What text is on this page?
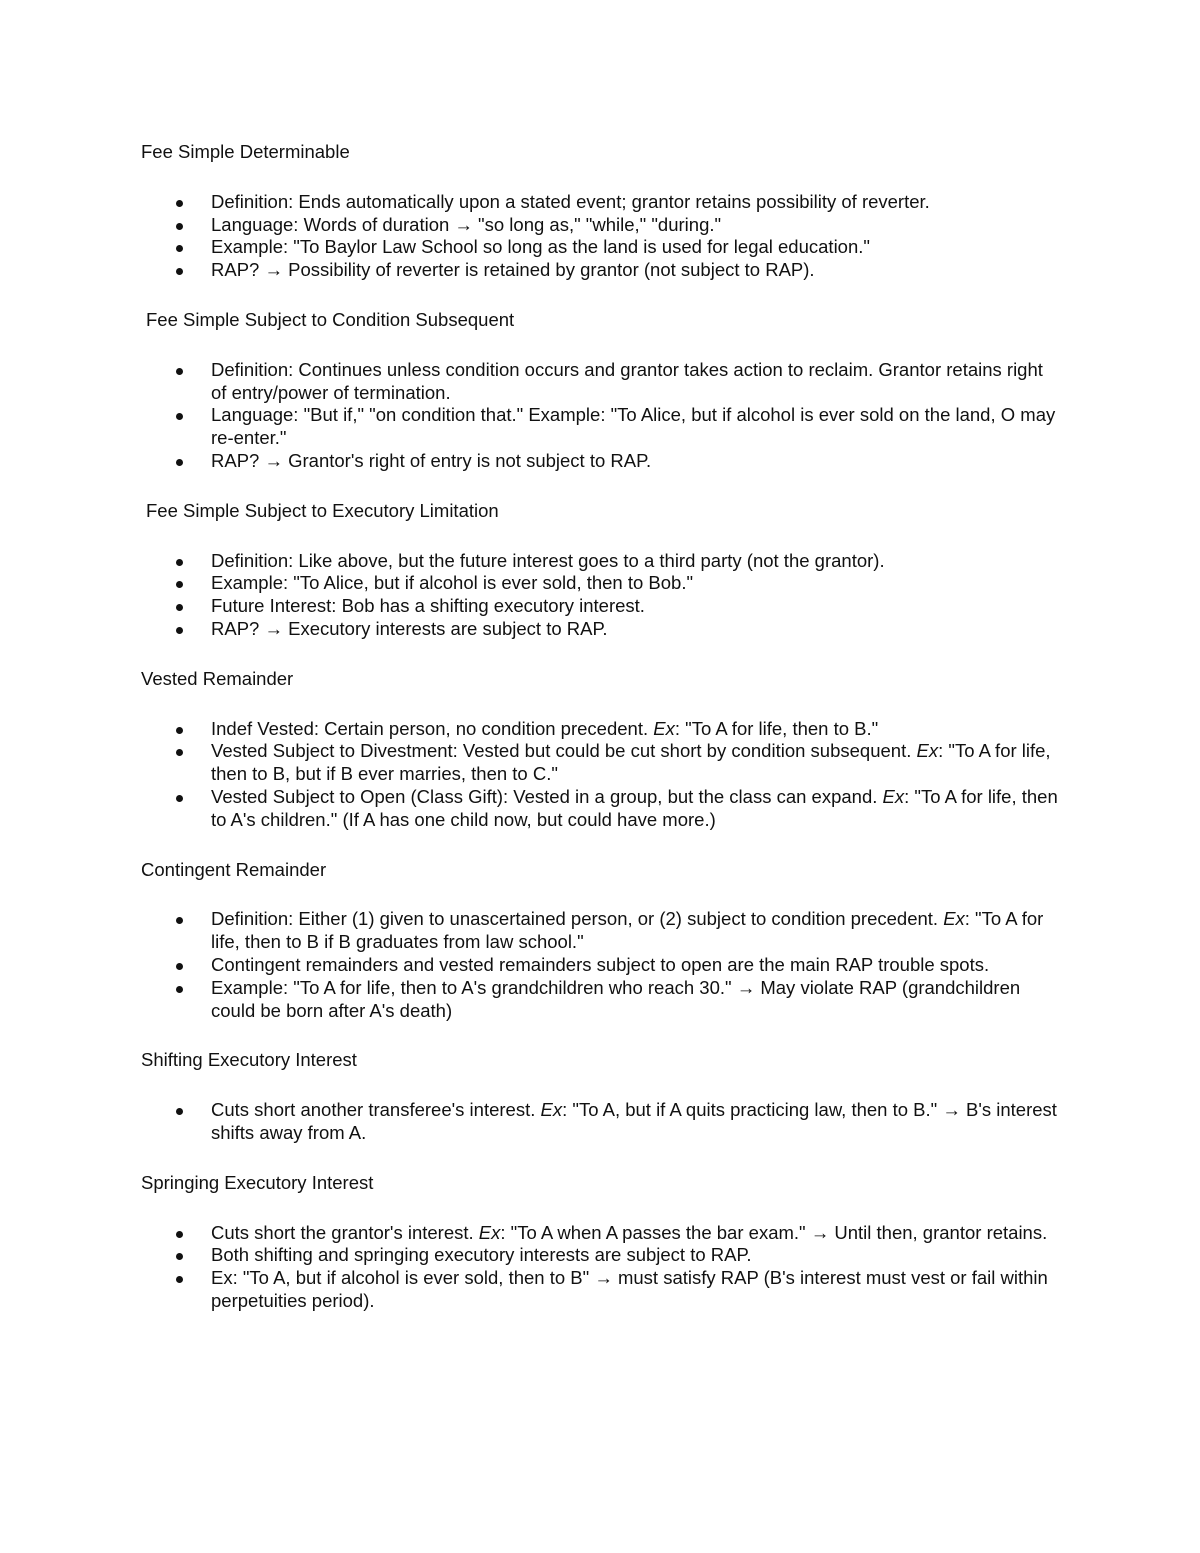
Fee Simple Determinable
Definition: Ends automatically upon a stated event; grantor retains possibility of reverter.
Language: Words of duration → "so long as," "while," "during."
Example: "To Baylor Law School so long as the land is used for legal education."
RAP? → Possibility of reverter is retained by grantor (not subject to RAP).
Fee Simple Subject to Condition Subsequent
Definition: Continues unless condition occurs and grantor takes action to reclaim. Grantor retains right of entry/power of termination.
Language: "But if," "on condition that." Example: "To Alice, but if alcohol is ever sold on the land, O may re-enter."
RAP? → Grantor's right of entry is not subject to RAP.
Fee Simple Subject to Executory Limitation
Definition: Like above, but the future interest goes to a third party (not the grantor).
Example: "To Alice, but if alcohol is ever sold, then to Bob."
Future Interest: Bob has a shifting executory interest.
RAP? → Executory interests are subject to RAP.
Vested Remainder
Indef Vested: Certain person, no condition precedent. Ex: "To A for life, then to B."
Vested Subject to Divestment: Vested but could be cut short by condition subsequent. Ex: "To A for life, then to B, but if B ever marries, then to C."
Vested Subject to Open (Class Gift): Vested in a group, but the class can expand. Ex: "To A for life, then to A's children." (If A has one child now, but could have more.)
Contingent Remainder
Definition: Either (1) given to unascertained person, or (2) subject to condition precedent. Ex: "To A for life, then to B if B graduates from law school."
Contingent remainders and vested remainders subject to open are the main RAP trouble spots.
Example: "To A for life, then to A's grandchildren who reach 30." → May violate RAP (grandchildren could be born after A's death)
Shifting Executory Interest
Cuts short another transferee's interest. Ex: "To A, but if A quits practicing law, then to B." → B's interest shifts away from A.
Springing Executory Interest
Cuts short the grantor's interest. Ex: "To A when A passes the bar exam." → Until then, grantor retains.
Both shifting and springing executory interests are subject to RAP.
Ex: "To A, but if alcohol is ever sold, then to B" → must satisfy RAP (B's interest must vest or fail within perpetuities period).
